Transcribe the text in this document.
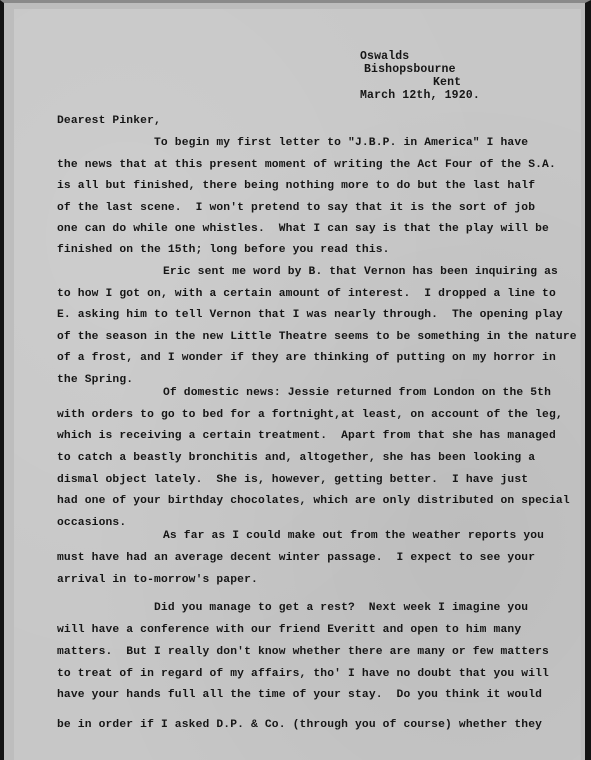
Oswalds
Bishopsbourne
Kent
March 12th, 1920.
Dearest Pinker,
To begin my first letter to "J.B.P. in America" I have
the news that at this present moment of writing the Act Four of the S.A.
is all but finished, there being nothing more to do but the last half
of the last scene.  I won't pretend to say that it is the sort of job
one can do while one whistles.  What I can say is that the play will be
finished on the 15th; long before you read this.
Eric sent me word by B. that Vernon has been inquiring as
to how I got on, with a certain amount of interest.  I dropped a line to
E. asking him to tell Vernon that I was nearly through.  The opening play
of the season in the new Little Theatre seems to be something in the nature
of a frost, and I wonder if they are thinking of putting on my horror in
the Spring.
Of domestic news: Jessie returned from London on the 5th
with orders to go to bed for a fortnight,at least, on account of the leg,
which is receiving a certain treatment.  Apart from that she has managed
to catch a beastly bronchitis and, altogether, she has been looking a
dismal object lately.  She is, however, getting better.  I have just
had one of your birthday chocolates, which are only distributed on special
occasions.
As far as I could make out from the weather reports you
must have had an average decent winter passage.  I expect to see your
arrival in to-morrow's paper.
Did you manage to get a rest?  Next week I imagine you
will have a conference with our friend Everitt and open to him many
matters.  But I really don't know whether there are many or few matters
to treat of in regard of my affairs, tho' I have no doubt that you will
have your hands full all the time of your stay.  Do you think it would
be in order if I asked D.P. & Co. (through you of course) whether they
